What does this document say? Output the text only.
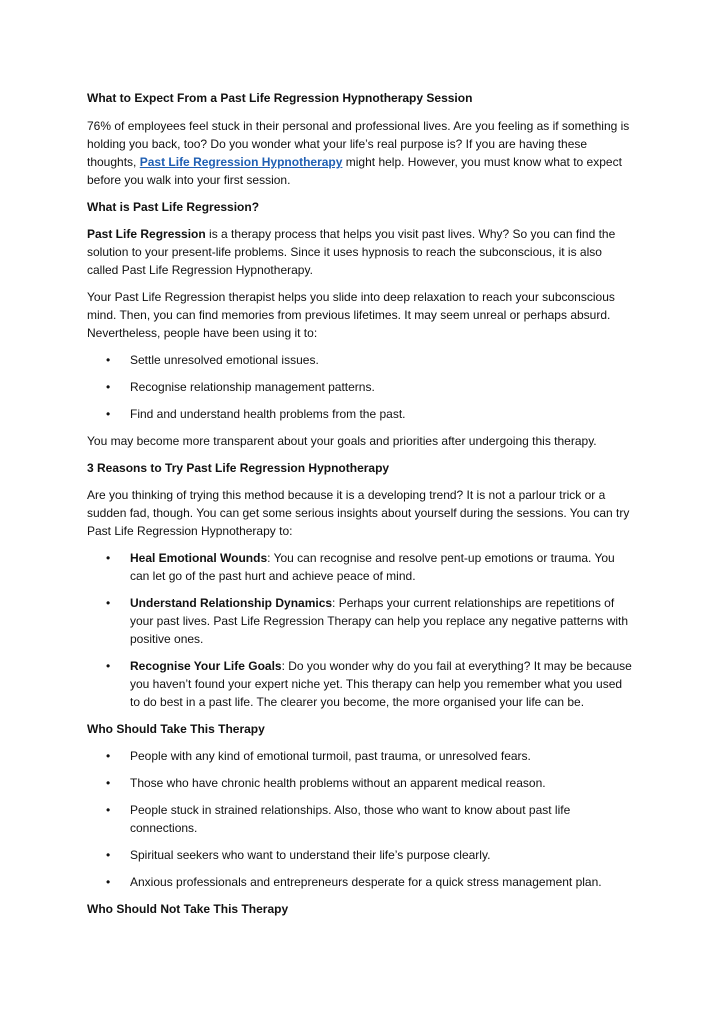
What to Expect From a Past Life Regression Hypnotherapy Session

76% of employees feel stuck in their personal and professional lives. Are you feeling as if something is holding you back, too? Do you wonder what your life’s real purpose is? If you are having these thoughts, Past Life Regression Hypnotherapy might help. However, you must know what to expect before you walk into your first session.

What is Past Life Regression?

Past Life Regression is a therapy process that helps you visit past lives. Why? So you can find the solution to your present-life problems. Since it uses hypnosis to reach the subconscious, it is also called Past Life Regression Hypnotherapy.

Your Past Life Regression therapist helps you slide into deep relaxation to reach your subconscious mind. Then, you can find memories from previous lifetimes. It may seem unreal or perhaps absurd. Nevertheless, people have been using it to:

• Settle unresolved emotional issues.
• Recognise relationship management patterns.
• Find and understand health problems from the past.

You may become more transparent about your goals and priorities after undergoing this therapy.

3 Reasons to Try Past Life Regression Hypnotherapy

Are you thinking of trying this method because it is a developing trend? It is not a parlour trick or a sudden fad, though. You can get some serious insights about yourself during the sessions. You can try Past Life Regression Hypnotherapy to:

• Heal Emotional Wounds: You can recognise and resolve pent-up emotions or trauma. You can let go of the past hurt and achieve peace of mind.
• Understand Relationship Dynamics: Perhaps your current relationships are repetitions of your past lives. Past Life Regression Therapy can help you replace any negative patterns with positive ones.
• Recognise Your Life Goals: Do you wonder why do you fail at everything? It may be because you haven’t found your expert niche yet. This therapy can help you remember what you used to do best in a past life. The clearer you become, the more organised your life can be.
Who Should Take This Therapy
• People with any kind of emotional turmoil, past trauma, or unresolved fears.
• Those who have chronic health problems without an apparent medical reason.
• People stuck in strained relationships. Also, those who want to know about past life connections.
• Spiritual seekers who want to understand their life’s purpose clearly.
• Anxious professionals and entrepreneurs desperate for a quick stress management plan.
Who Should Not Take This Therapy
